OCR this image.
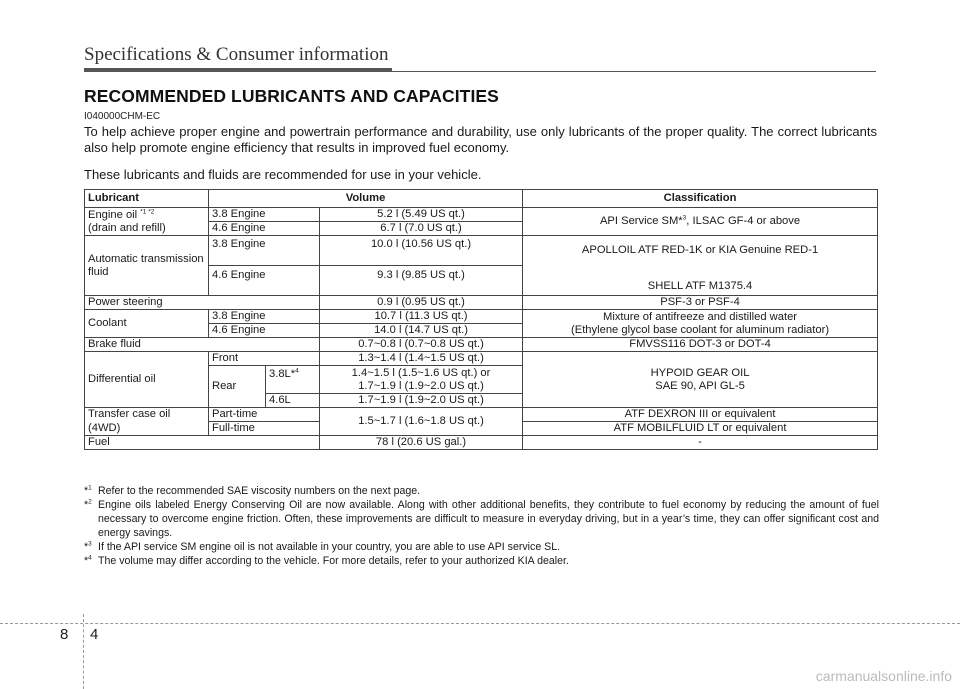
Specifications & Consumer information
RECOMMENDED LUBRICANTS AND CAPACITIES
I040000CHM-EC
To help achieve proper engine and powertrain performance and durability, use only lubricants of the proper quality. The correct lubricants also help promote engine efficiency that results in improved fuel economy.
These lubricants and fluids are recommended for use in your vehicle.
Lubricant	Volume			Classification
Engine oil $^{*1 *2}$
(drain and refill)	3.8 Engine		5.2 l (5.49 US qt.)	API Service SM*$^3$, ILSAC GF-4 or above
	4.6 Engine		6.7 l (7.0 US qt.)	
Automatic transmission fluid	3.8 Engine		10.0 l (10.56 US qt.)	APOLLOIL ATF RED-1K or KIA Genuine RED-1
	4.6 Engine		9.3 l (9.85 US qt.)	SHELL ATF M1375.4
Power steering			0.9 l (0.95 US qt.)	PSF-3 or PSF-4
Coolant	3.8 Engine		10.7 l (11.3 US qt.)	Mixture of antifreeze and distilled water
(Ethylene glycol base coolant for aluminum radiator)
	4.6 Engine		14.0 l (14.7 US qt.)	
Brake fluid			0.7~0.8 l (0.7~0.8 US qt.)	FMVSS116 DOT-3 or DOT-4
Differential oil	Front		1.3~1.4 l (1.4~1.5 US qt.)	HYPOID GEAR OIL
SAE 90, API GL-5
	Rear	3.8L*$^4$	1.4~1.5 l (1.5~1.6 US qt.) or
1.7~1.9 l (1.9~2.0 US qt.)	
		4.6L	1.7~1.9 l (1.9~2.0 US qt.)	
Transfer case oil	Part-time		1.5~1.7 l (1.6~1.8 US qt.)	ATF DEXRON III or equivalent
(4WD)	Full-time			ATF MOBILFLUID LT or equivalent
Fuel			78 l (20.6 US gal.)	-
*$^1$ Refer to the recommended SAE viscosity numbers on the next page.
*$^2$ Engine oils labeled Energy Conserving Oil are now available. Along with other additional benefits, they contribute to fuel economy by reducing the amount of fuel necessary to overcome engine friction. Often, these improvements are difficult to measure in everyday driving, but in a year’s time, they can offer significant cost and energy savings.
*$^3$ If the API service SM engine oil is not available in your country, you are able to use API service SL.
*$^4$ The volume may differ according to the vehicle. For more details, refer to your authorized KIA dealer.
8 4
carmanualsonline.info
